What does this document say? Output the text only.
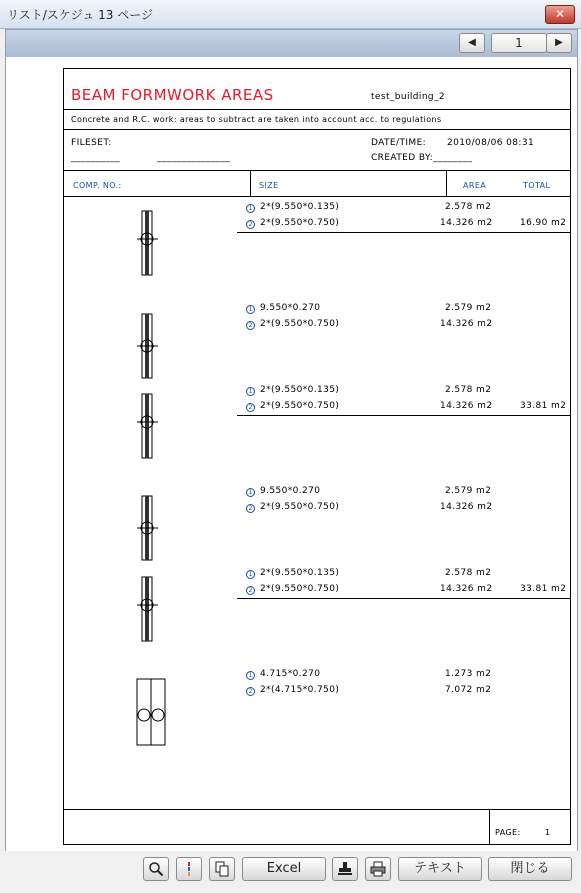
リスト/スケジュ 13 ページ	✕
◀	1	▶
BEAM FORMWORK AREAS	test_building_2
Concrete and R.C. work: areas to subtract are taken into account acc. to regulations
FILESET:
__________	_______________
DATE/TIME: 2010/08/06 08:31
CREATED BY:________
COMP. NO.:	SIZE	AREA	TOTAL
1 2*(9.550*0.135)	2.578 m2
2 2*(9.550*0.750)	14.326 m2	16.90 m2
1 9.550*0.270	2.579 m2
2 2*(9.550*0.750)	14.326 m2
1 2*(9.550*0.135)	2.578 m2
2 2*(9.550*0.750)	14.326 m2	33.81 m2
1 9.550*0.270	2.579 m2
2 2*(9.550*0.750)	14.326 m2
1 2*(9.550*0.135)	2.578 m2
2 2*(9.550*0.750)	14.326 m2	33.81 m2
1 4.715*0.270	1.273 m2
2 2*(4.715*0.750)	7.072 m2
PAGE:	1
Excel	テキスト	閉じる
